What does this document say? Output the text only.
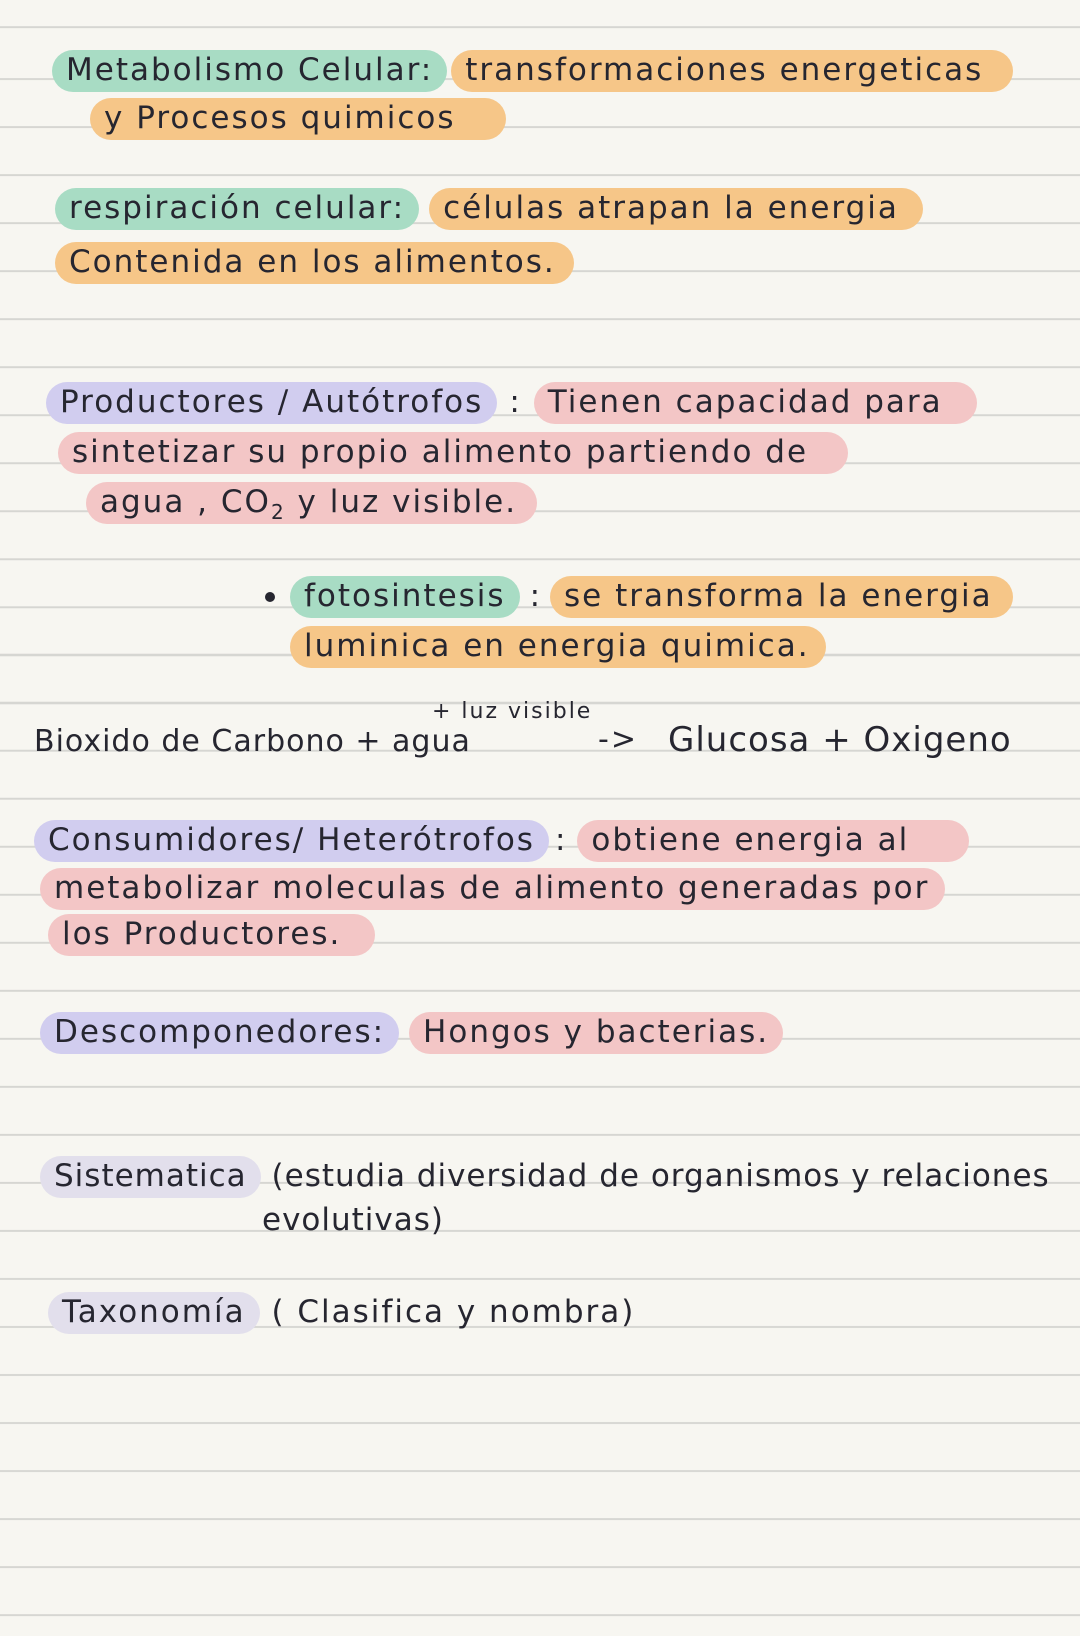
Metabolismo Celular: transformaciones energeticas

y Procesos quimicos

respiración celular: células atrapan la energia

Contenida en los alimentos.

Productores / Autótrofos : Tienen capacidad para

sintetizar su propio alimento partiendo de

agua , $CO_2$ y luz visible.

fotosintesis : se transforma la energia

luminica en energia quimica.

+ luz visible

Bioxido de Carbono + agua	-> Glucosa + Oxigeno

Consumidores/ Heterótrofos : obtiene energia al

metabolizar moleculas de alimento generadas por

los Productores.

Descomponedores: Hongos y bacterias.

Sistematica (estudia diversidad de organismos y relaciones

evolutivas)

Taxonomía ( Clasifica y nombra)
